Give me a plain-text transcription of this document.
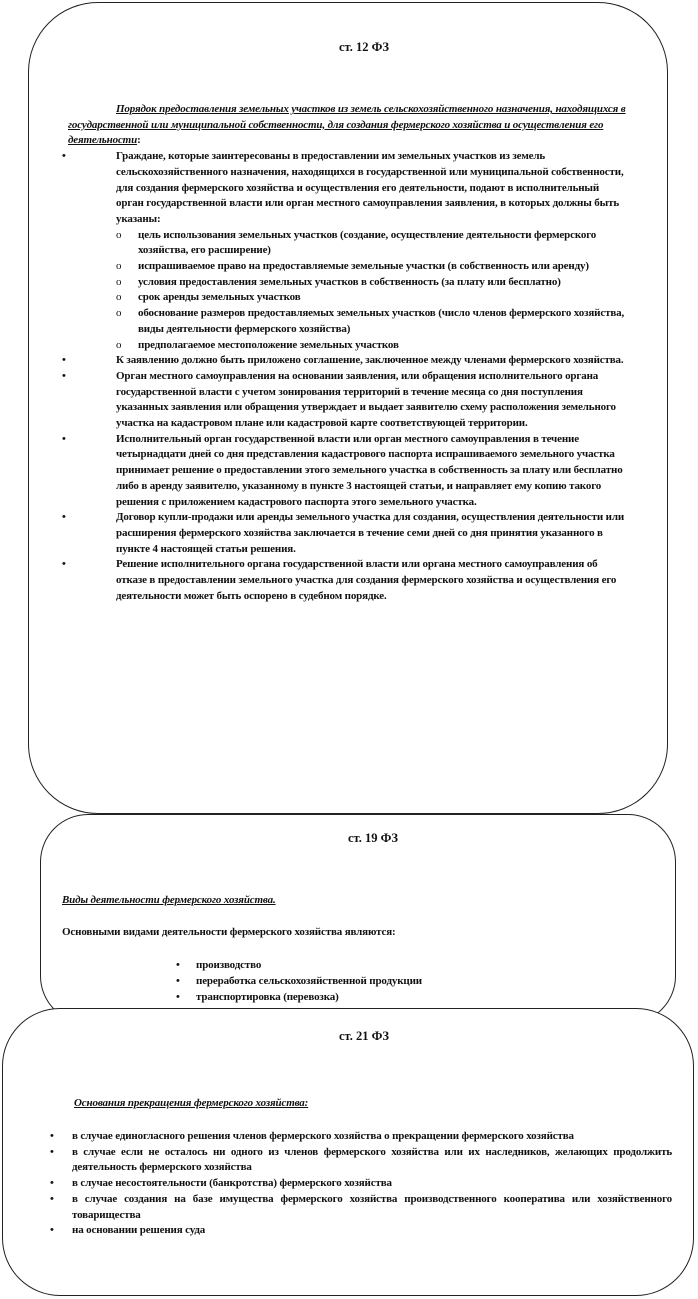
ст. 12 ФЗ

Порядок предоставления земельных участков из земель сельскохозяйственного назначения, находящихся в государственной или муниципальной собственности, для создания фермерского хозяйства и осуществления его деятельности:

•	Граждане, которые заинтересованы в предоставлении им земельных участков из земель сельскохозяйственного назначения, находящихся в государственной или муниципальной собственности, для создания фермерского хозяйства и осуществления его деятельности, подают в исполнительный орган государственной власти или орган местного самоуправления заявления, в которых должны быть указаны:
o цель использования земельных участков (создание, осуществление деятельности фермерского хозяйства, его расширение)
o испрашиваемое право на предоставляемые земельные участки (в собственность или аренду)
o условия предоставления земельных участков в собственность (за плату или бесплатно)
o срок аренды земельных участков
o обоснование размеров предоставляемых земельных участков (число членов фермерского хозяйства, виды деятельности фермерского хозяйства)
o предполагаемое местоположение земельных участков
•	К заявлению должно быть приложено соглашение, заключенное между членами фермерского хозяйства.
•	Орган местного самоуправления на основании заявления, или обращения исполнительного органа государственной власти с учетом зонирования территорий в течение месяца со дня поступления указанных заявления или обращения утверждает и выдает заявителю схему расположения земельного участка на кадастровом плане или кадастровой карте соответствующей территории.
•	Исполнительный орган государственной власти или орган местного самоуправления в течение четырнадцати дней со дня представления кадастрового паспорта испрашиваемого земельного участка принимает решение о предоставлении этого земельного участка в собственность за плату или бесплатно либо в аренду заявителю, указанному в пункте 3 настоящей статьи, и направляет ему копию такого решения с приложением кадастрового паспорта этого земельного участка.
•	Договор купли-продажи или аренды земельного участка для создания, осуществления деятельности или расширения фермерского хозяйства заключается в течение семи дней со дня принятия указанного в пункте 4 настоящей статьи решения.
•	Решение исполнительного органа государственной власти или органа местного самоуправления об отказе в предоставлении земельного участка для создания фермерского хозяйства и осуществления его деятельности может быть оспорено в судебном порядке.
ст. 19 ФЗ
Виды деятельности фермерского хозяйства.
Основными видами деятельности фермерского хозяйства являются:
• производство
• переработка сельскохозяйственной продукции
• транспортировка (перевозка)
ст. 21 ФЗ
Основания прекращения фермерского хозяйства:
• в случае единогласного решения членов фермерского хозяйства о прекращении фермерского хозяйства
• в случае если не осталось ни одного из членов фермерского хозяйства или их наследников, желающих продолжить деятельность фермерского хозяйства
• в случае несостоятельности (банкротства) фермерского хозяйства
• в случае создания на базе имущества фермерского хозяйства производственного кооператива или хозяйственного товарищества
• на основании решения суда
